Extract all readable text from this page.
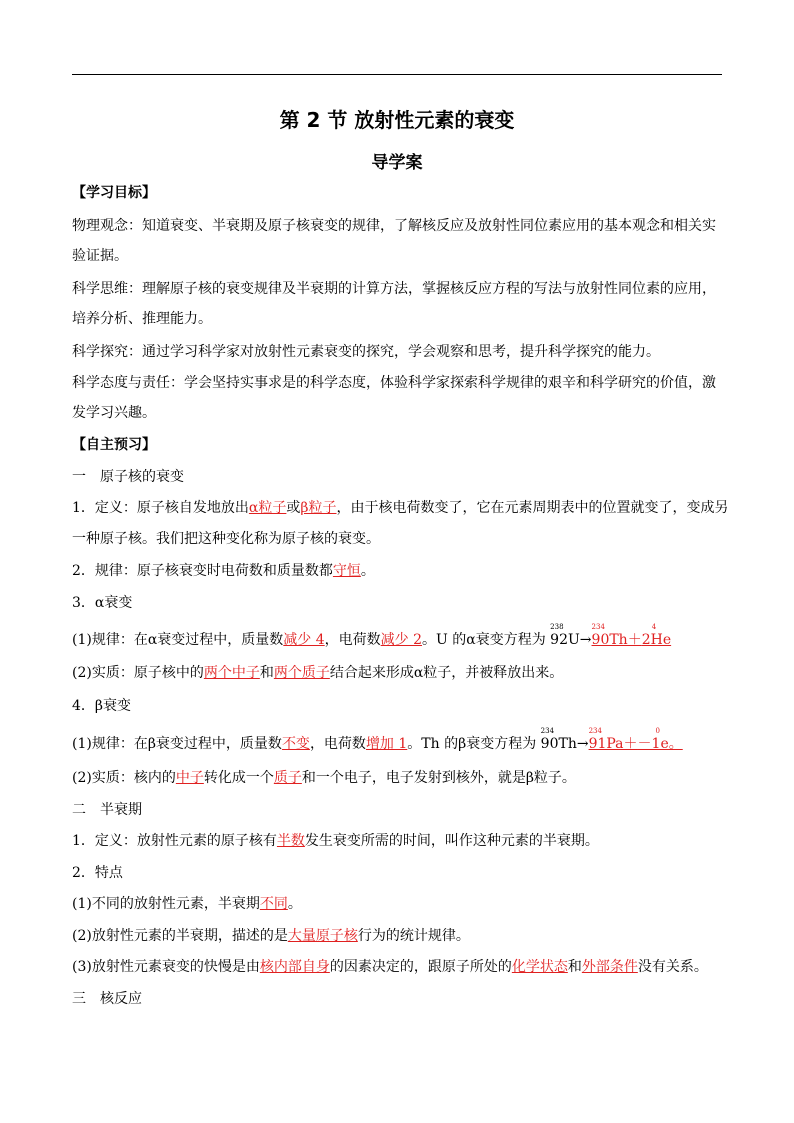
第 2 节 放射性元素的衰变
导学案
【学习目标】
物理观念：知道衰变、半衰期及原子核衰变的规律，了解核反应及放射性同位素应用的基本观念和相关实
验证据。
科学思维：理解原子核的衰变规律及半衰期的计算方法，掌握核反应方程的写法与放射性同位素的应用，
培养分析、推理能力。
科学探究：通过学习科学家对放射性元素衰变的探究，学会观察和思考，提升科学探究的能力。
科学态度与责任：学会坚持实事求是的科学态度，体验科学家探索科学规律的艰辛和科学研究的价值，激
发学习兴趣。
【自主预习】
一　原子核的衰变
1．定义：原子核自发地放出α粒子或β粒子，由于核电荷数变了，它在元素周期表中的位置就变了，变成另
一种原子核。我们把这种变化称为原子核的衰变。
2．规律：原子核衰变时电荷数和质量数都守恒。
3．α衰变
(1)规律：在α衰变过程中，质量数减少 4，电荷数减少 2。U 的α衰变方程为
238
92U→
234
90Th＋
4
2He
(2)实质：原子核中的两个中子和两个质子结合起来形成α粒子，并被释放出来。
4．β衰变
(1)规律：在β衰变过程中，质量数不变，电荷数增加 1。Th 的β衰变方程为
234
90Th→
234
91Pa＋
0
－1e。
(2)实质：核内的中子转化成一个质子和一个电子，电子发射到核外，就是β粒子。
二　半衰期
1．定义：放射性元素的原子核有半数发生衰变所需的时间，叫作这种元素的半衰期。
2．特点
(1)不同的放射性元素，半衰期不同。
(2)放射性元素的半衰期，描述的是大量原子核行为的统计规律。
(3)放射性元素衰变的快慢是由核内部自身的因素决定的，跟原子所处的化学状态和外部条件没有关系。
三　核反应
